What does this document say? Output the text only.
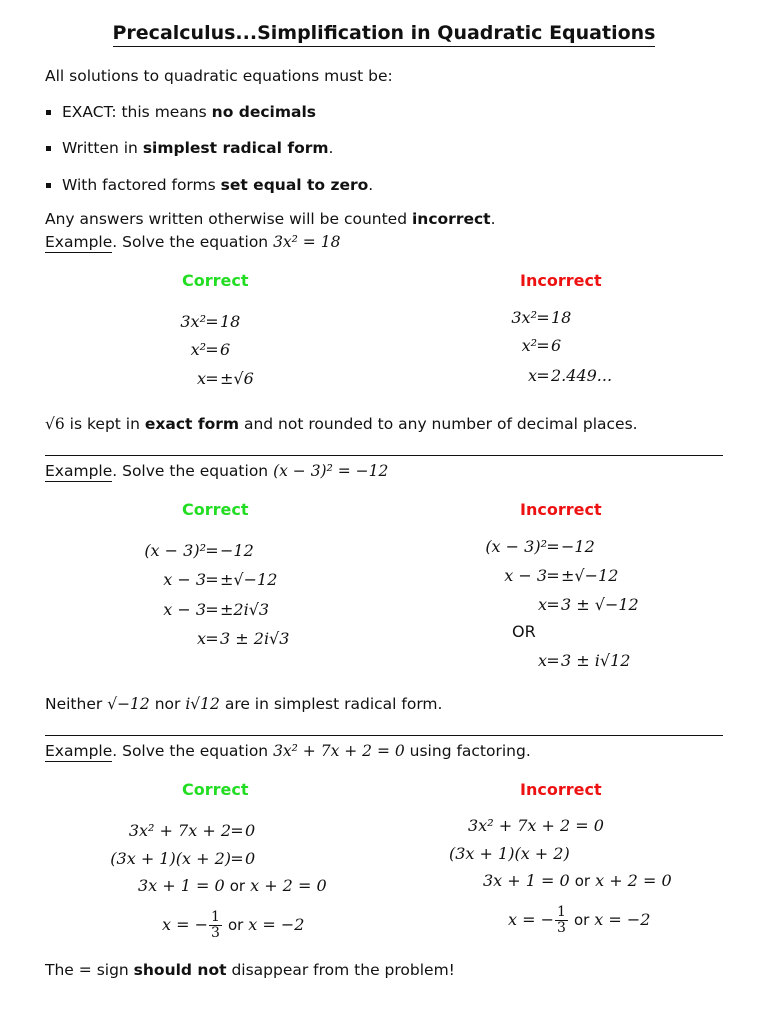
Precalculus...Simplification in Quadratic Equations
All solutions to quadratic equations must be:
EXACT: this means no decimals
Written in simplest radical form.
With factored forms set equal to zero.
Any answers written otherwise will be counted incorrect.
Example. Solve the equation 3x² = 18
Correct	Incorrect
3x² = 18
x² = 6
x = ±√6
3x² = 18
x² = 6
x = 2.449...
√6 is kept in exact form and not rounded to any number of decimal places.
Example. Solve the equation (x − 3)² = −12
Correct	Incorrect
(x − 3)² = −12
x − 3 = ±√−12
x − 3 = ±2i√3
x = 3 ± 2i√3
(x − 3)² = −12
x − 3 = ±√−12
x = 3 ± √−12
OR
x = 3 ± i√12
Neither √−12 nor i√12 are in simplest radical form.
Example. Solve the equation 3x² + 7x + 2 = 0 using factoring.
Correct	Incorrect
3x² + 7x + 2 = 0
(3x + 1)(x + 2) = 0
3x + 1 = 0 or x + 2 = 0
x = − $\frac{1}{3}$ or x = −2
3x² + 7x + 2 = 0
(3x + 1)(x + 2)
3x + 1 = 0 or x + 2 = 0
x = − $\frac{1}{3}$ or x = −2
The = sign should not disappear from the problem!
